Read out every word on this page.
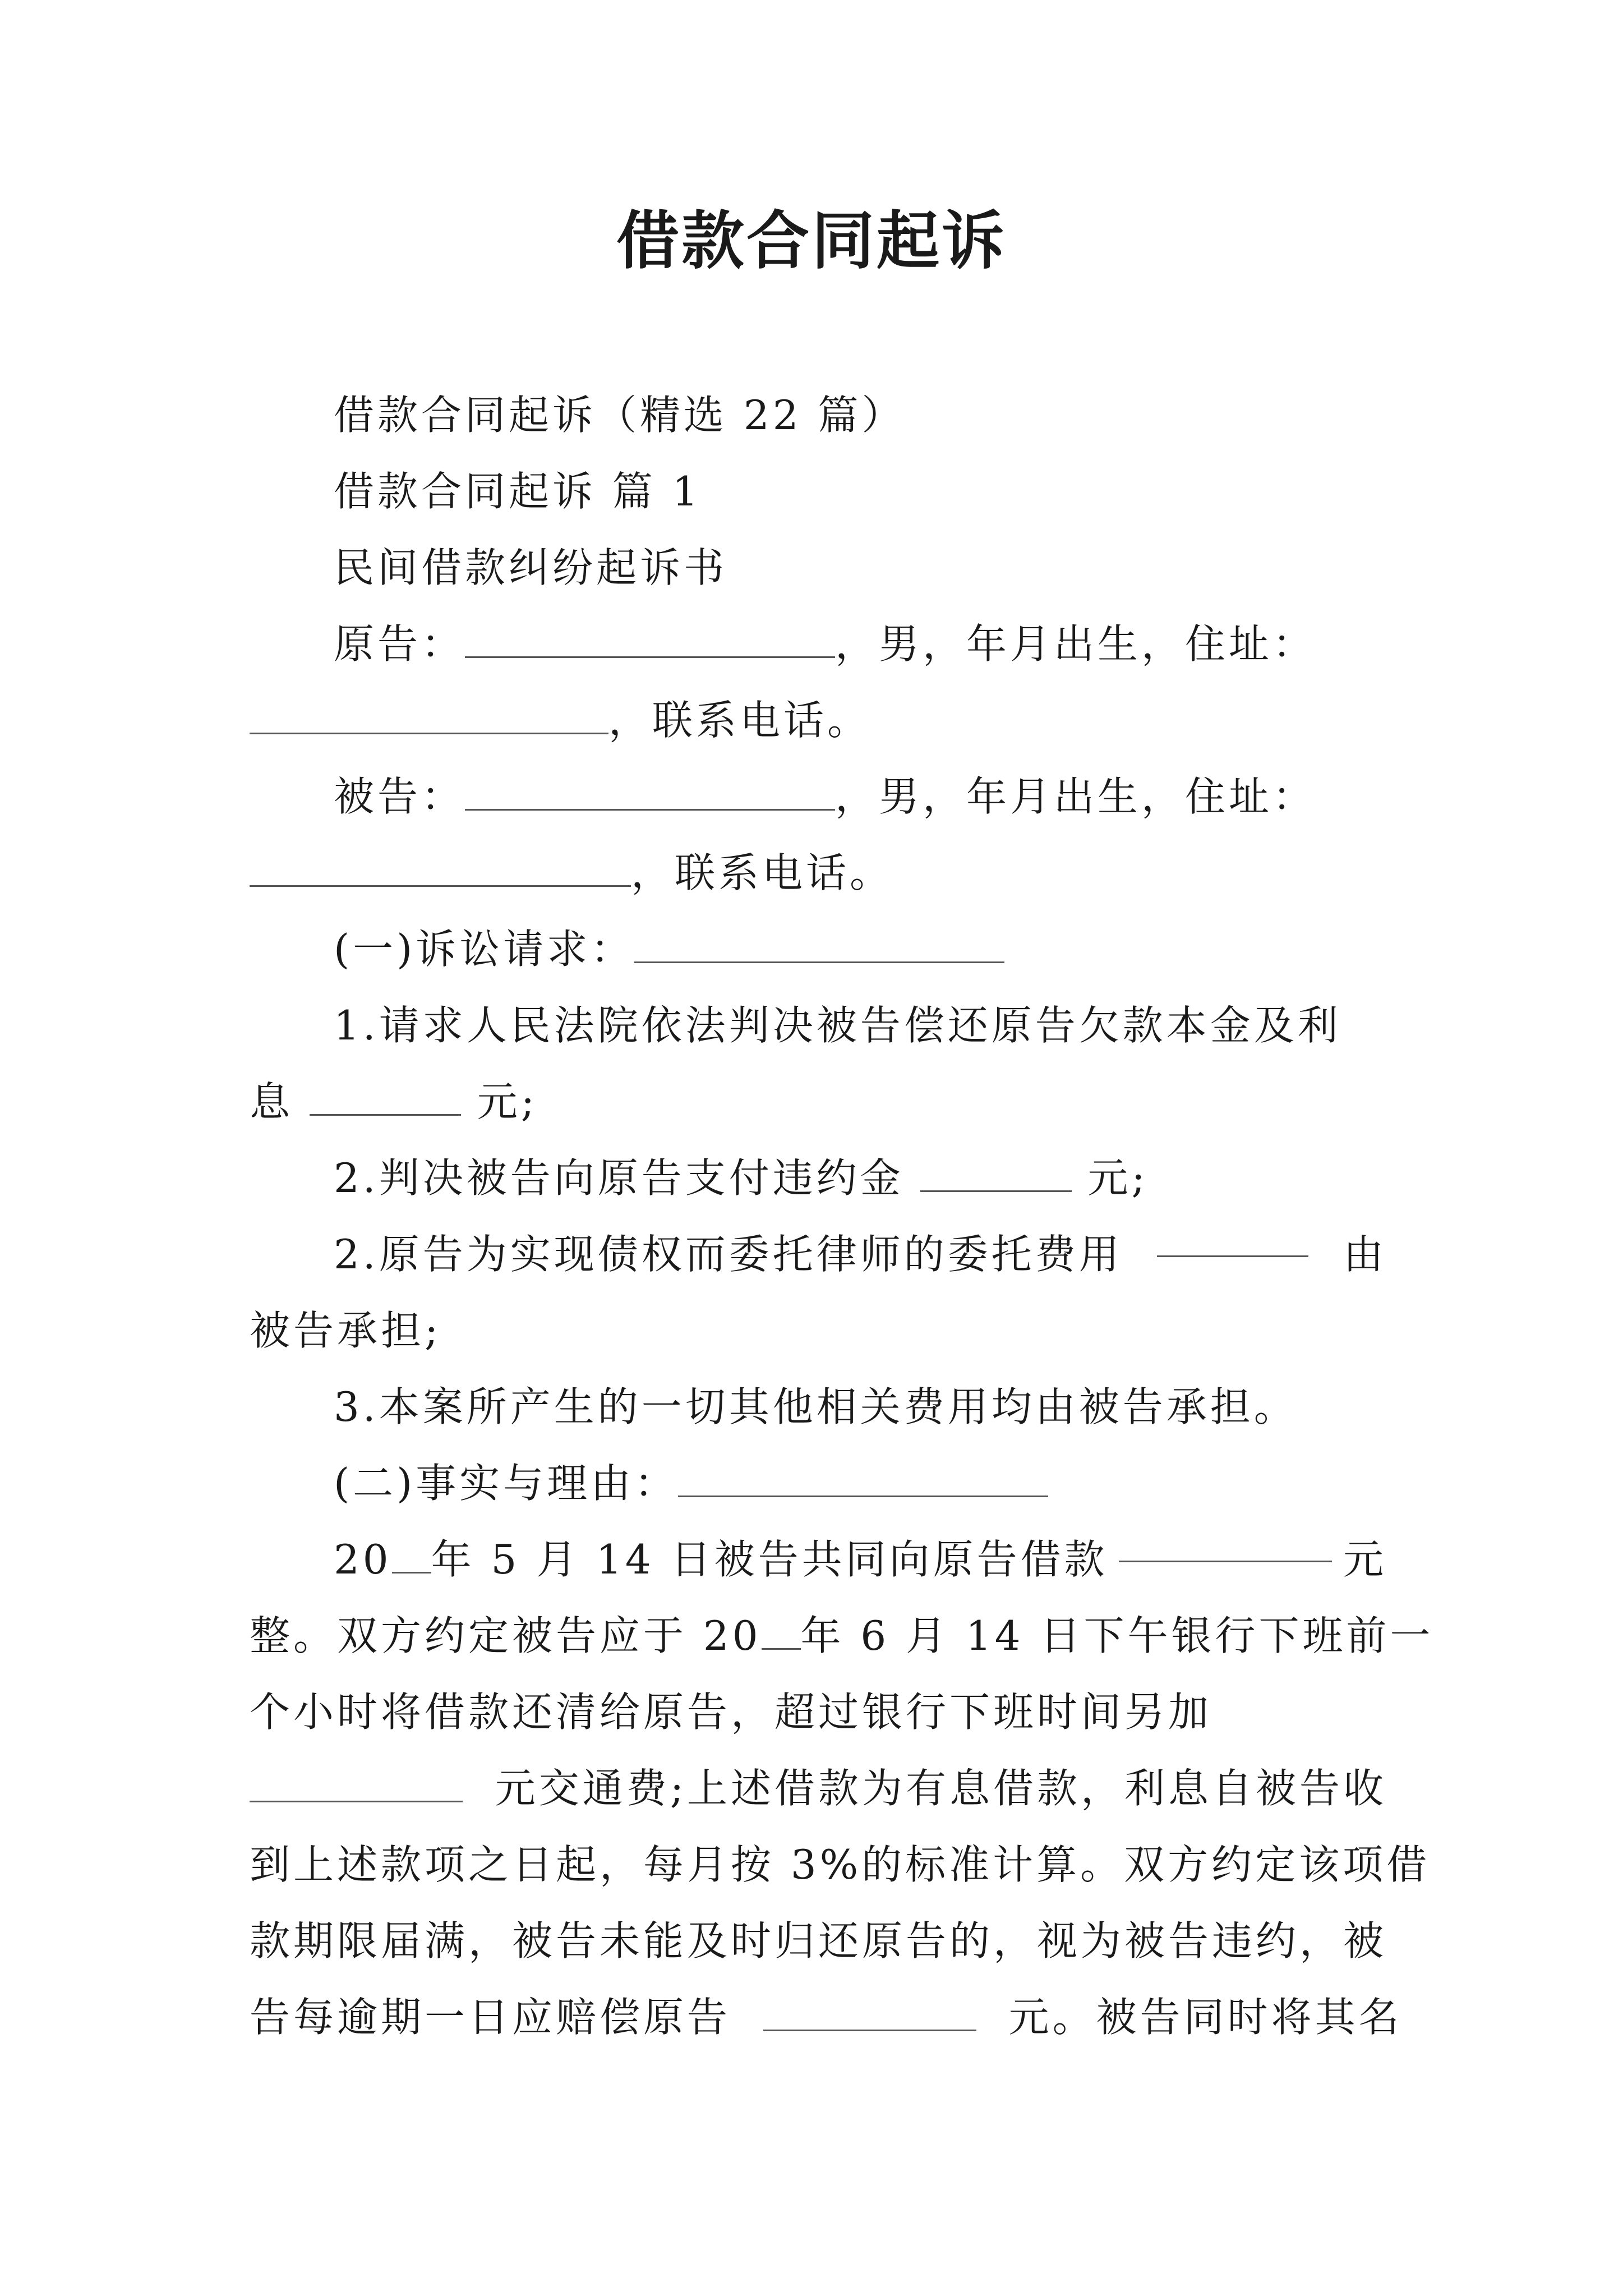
借款合同起诉
借款合同起诉（精选 22 篇）
借款合同起诉 篇 1
民间借款纠纷起诉书
原告：	，男，年月出生，住址：
，联系电话。
被告：	，男，年月出生，住址：
，联系电话。
(一)诉讼请求：
1.请求人民法院依法判决被告偿还原告欠款本金及利
息	元;
2.判决被告向原告支付违约金	元;
2.原告为实现债权而委托律师的委托费用	由
被告承担;
3.本案所产生的一切其他相关费用均由被告承担。
(二)事实与理由：
20 年 5 月 14 日被告共同向原告借款	元
整。双方约定被告应于 20 年 6 月 14 日下午银行下班前一
个小时将借款还清给原告，超过银行下班时间另加
元交通费;上述借款为有息借款，利息自被告收
到上述款项之日起，每月按 3%的标准计算。双方约定该项借
款期限届满，被告未能及时归还原告的，视为被告违约，被
告每逾期一日应赔偿原告	元。被告同时将其名
